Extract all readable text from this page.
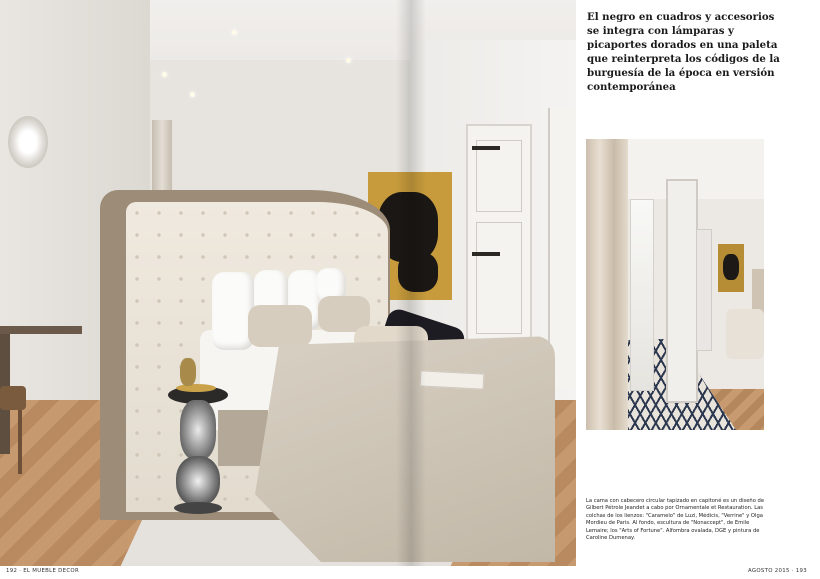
El negro en cuadros y accesorios se integra con lámparas y picaportes dorados en una paleta que reinterpreta los códigos de la burguesía de la época en versión contemporánea

La cama con cabecero circular tapizado en capitoné es un diseño de Gilbert Pétrole Jeandet a cabo por Ornamentale et Restauration. Las colchas de los lienzos: "Caramelo" de Luzi, Médicis, "Verrine" y Olga Mordieu de Paris. Al fondo, escultura de "Nonaccept", de Emile Lemaire; los "Arts of Fortune". Alfombra ovalada, DGE y pintura de Caroline Dumenay.

192 · EL MUEBLE DECOR	AGOSTO 2015 · 193
